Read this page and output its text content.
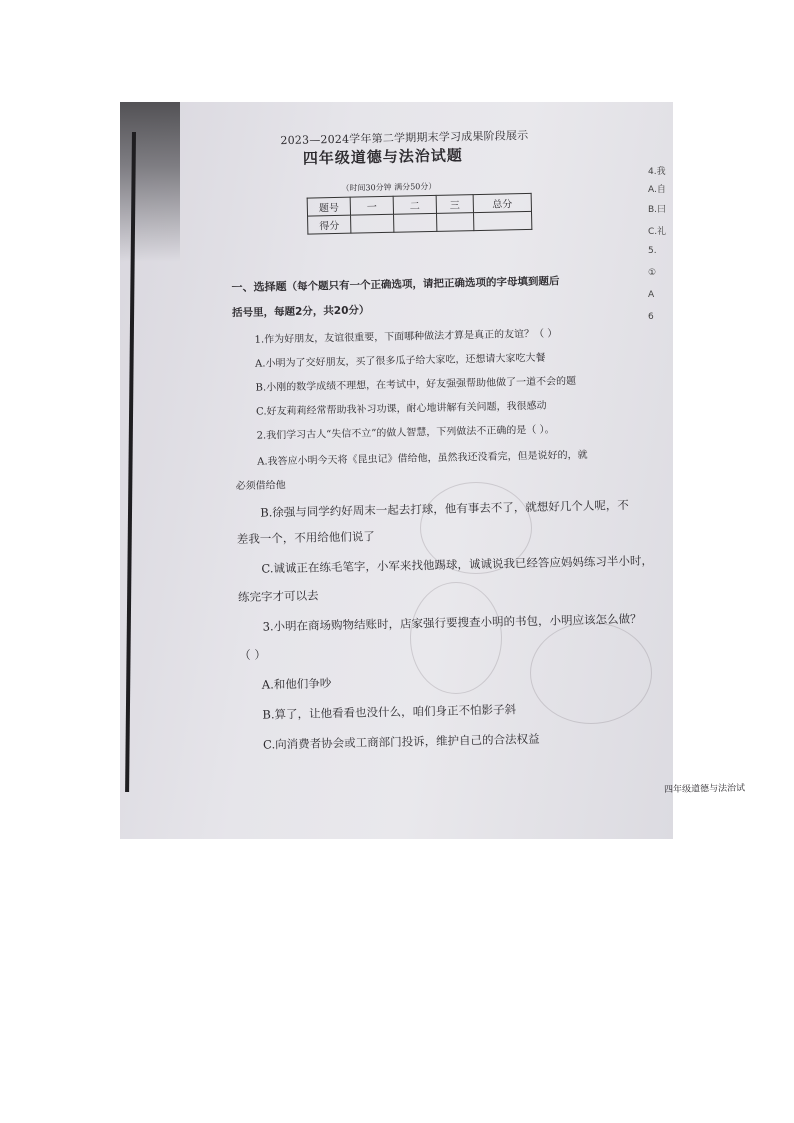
4.我
A.自
B.曰
C.礼
5.
①
A
6
2023—2024学年第二学期期末学习成果阶段展示
四年级道德与法治试题
（时间30分钟 满分50分）
题号	一	二	三	总分
得分				
一、选择题（每个题只有一个正确选项，请把正确选项的字母填到题后
括号里，每题2分，共20分）
1.作为好朋友，友谊很重要，下面哪种做法才算是真正的友谊？（ ）
A.小明为了交好朋友，买了很多瓜子给大家吃，还想请大家吃大餐
B.小刚的数学成绩不理想，在考试中，好友强强帮助他做了一道不会的题
C.好友莉莉经常帮助我补习功课，耐心地讲解有关问题，我很感动
2.我们学习古人“失信不立”的做人智慧，下列做法不正确的是（ ）。
A.我答应小明今天将《昆虫记》借给他，虽然我还没看完，但是说好的，就
必须借给他
B.徐强与同学约好周末一起去打球，他有事去不了，就想好几个人呢，不
差我一个，不用给他们说了
C.诚诚正在练毛笔字，小军来找他踢球，诚诚说我已经答应妈妈练习半小时，
练完字才可以去
3.小明在商场购物结账时，店家强行要搜查小明的书包，小明应该怎么做？
（ ）
A.和他们争吵
B.算了，让他看看也没什么，咱们身正不怕影子斜
C.向消费者协会或工商部门投诉，维护自己的合法权益
四年级道德与法治试
